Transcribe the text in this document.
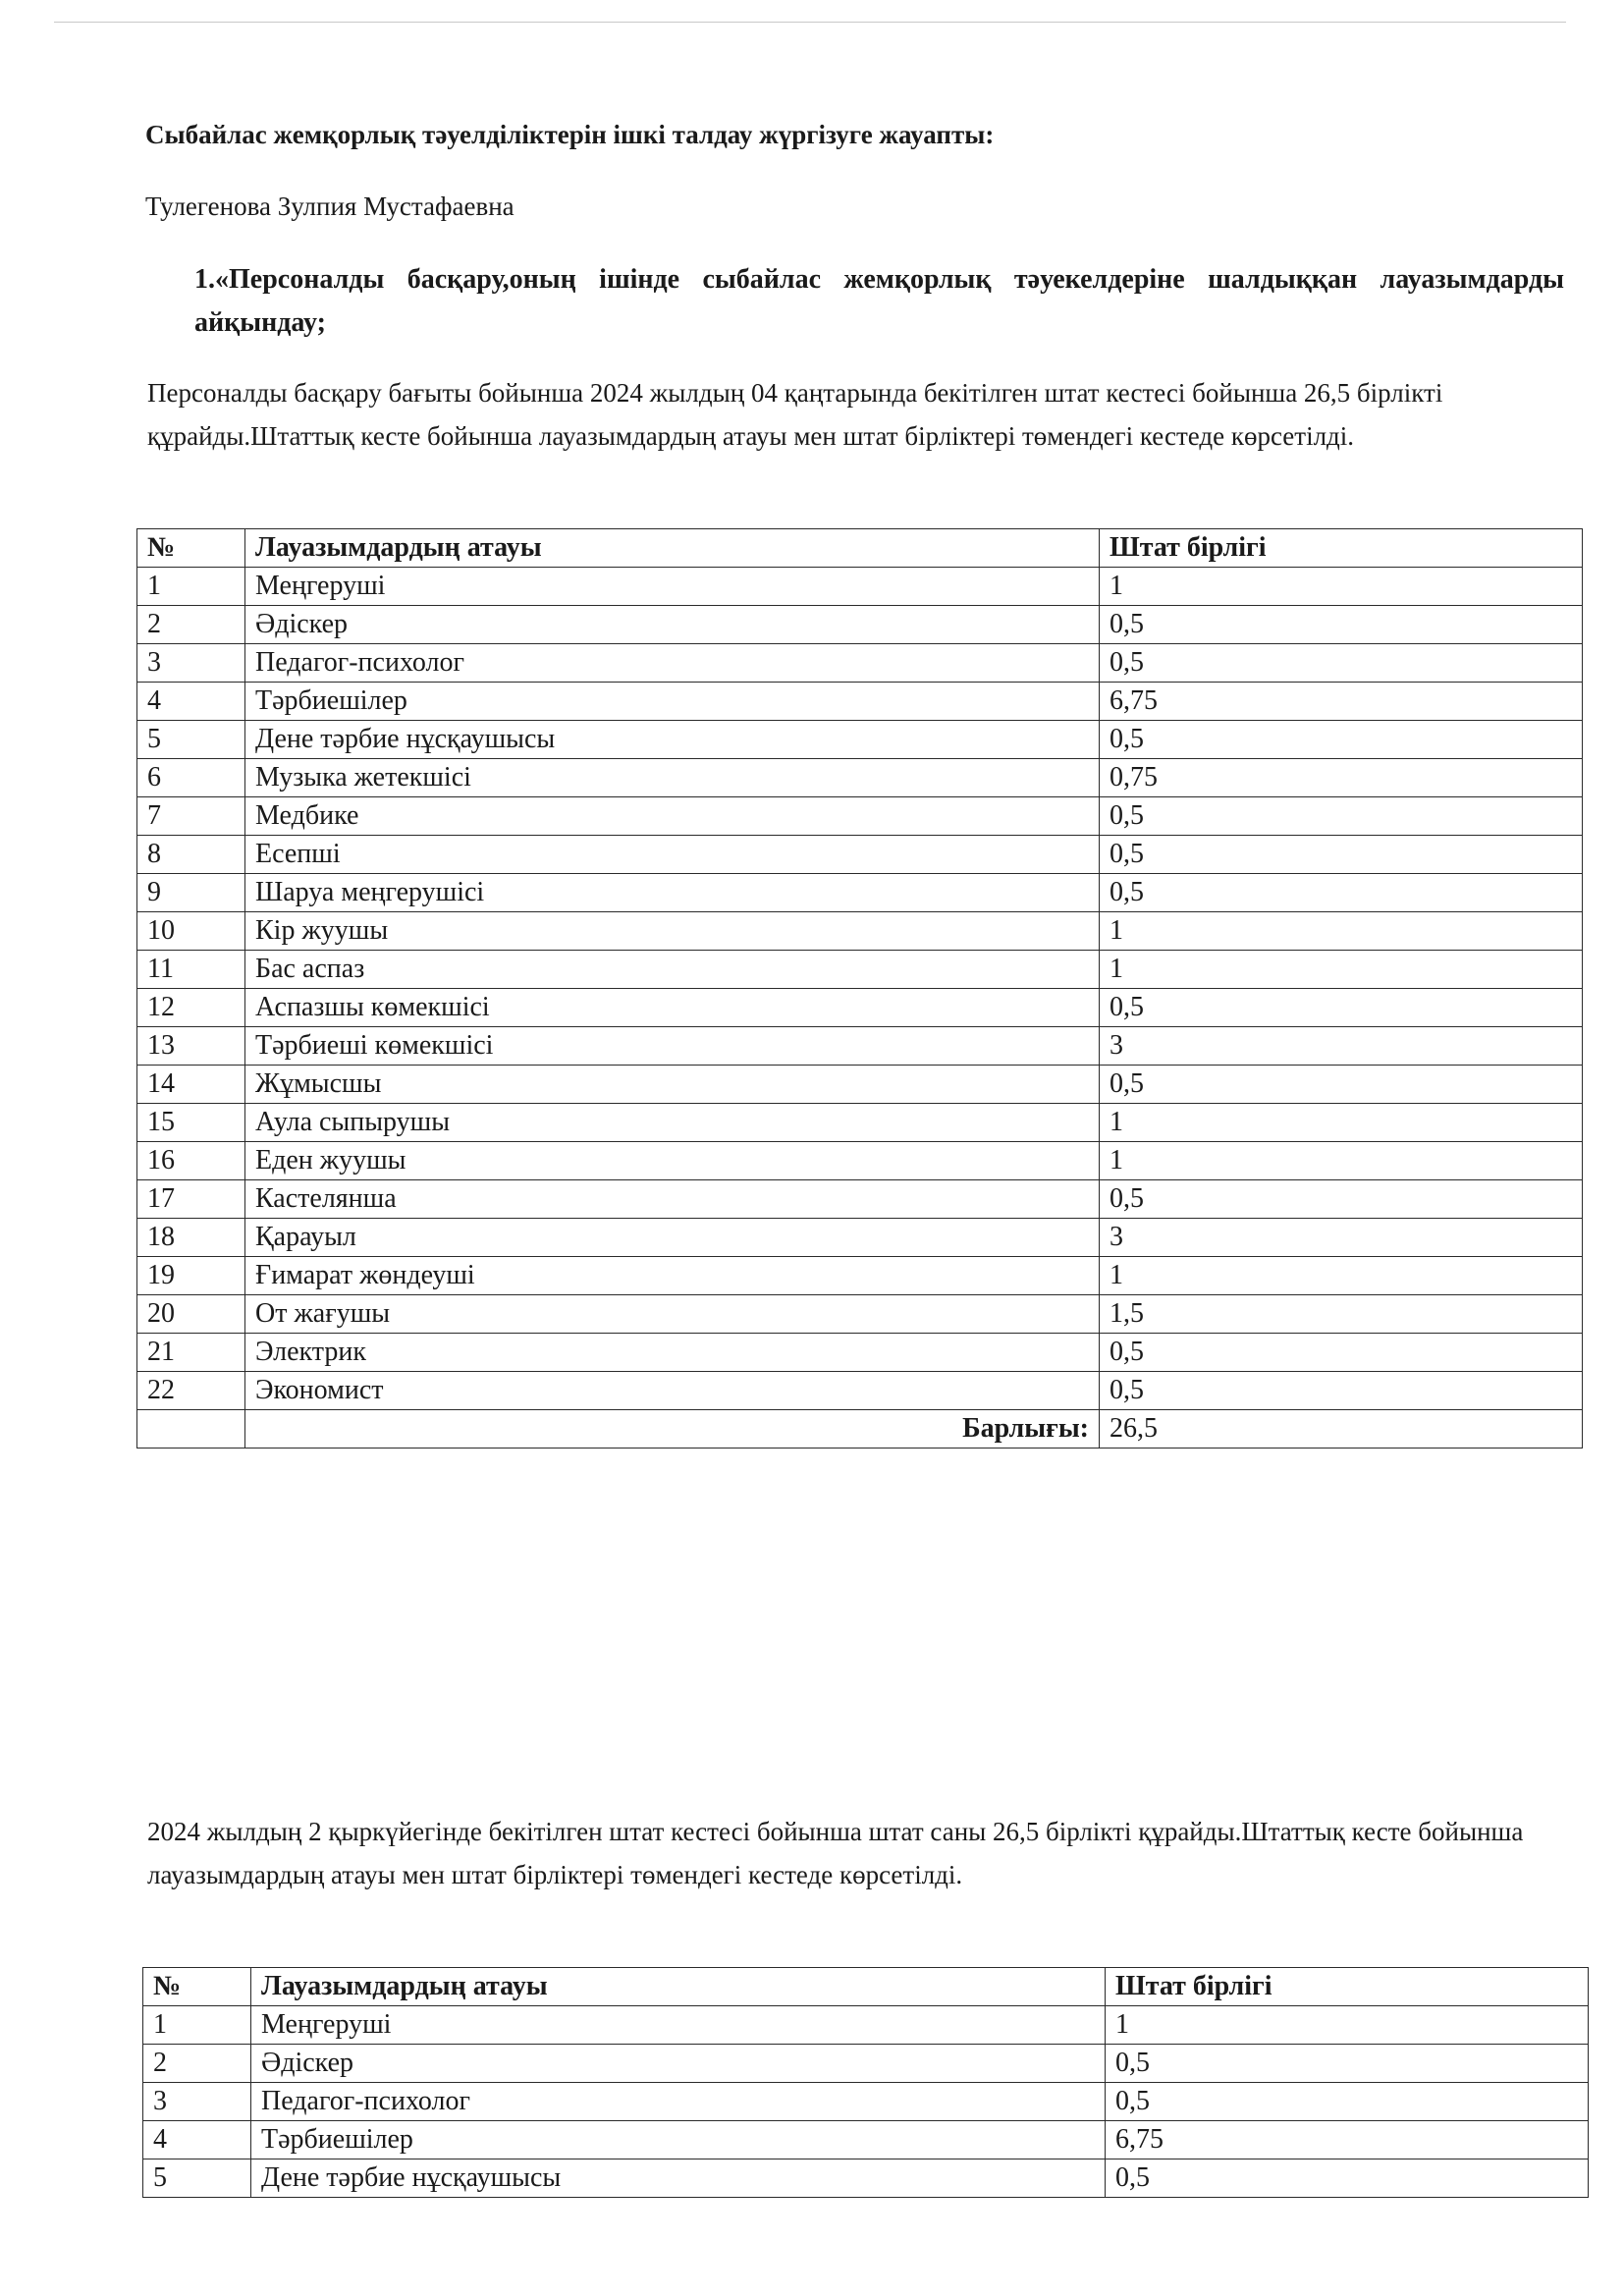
Сыбайлас жемқорлық тәуелділіктерін ішкі талдау жүргізуге жауапты:
Тулегенова Зулпия Мустафаевна
1.«Персоналды басқару,оның ішінде сыбайлас жемқорлық тәуекелдеріне шалдыққан лауазымдарды айқындау;
Персоналды басқару бағыты бойынша 2024 жылдың 04 қаңтарында бекітілген штат кестесі бойынша 26,5 бірлікті құрайды.Штаттық кесте бойынша лауазымдардың атауы мен штат бірліктері төмендегі кестеде көрсетілді.
№	Лауазымдардың атауы	Штат бірлігі
1	Меңгеруші	1
2	Әдіскер	0,5
3	Педагог-психолог	0,5
4	Тәрбиешілер	6,75
5	Дене тәрбие нұсқаушысы	0,5
6	Музыка жетекшісі	0,75
7	Медбике	0,5
8	Есепші	0,5
9	Шаруа меңгерушісі	0,5
10	Кір жуушы	1
11	Бас аспаз	1
12	Аспазшы көмекшісі	0,5
13	Тәрбиеші көмекшісі	3
14	Жұмысшы	0,5
15	Аула сыпырушы	1
16	Еден жуушы	1
17	Кастелянша	0,5
18	Қарауыл	3
19	Ғимарат жөндеуші	1
20	От жағушы	1,5
21	Электрик	0,5
22	Экономист	0,5
	Барлығы:	26,5
2024 жылдың 2 қыркүйегінде бекітілген штат кестесі бойынша штат саны 26,5 бірлікті құрайды.Штаттық кесте бойынша лауазымдардың атауы мен штат бірліктері төмендегі кестеде көрсетілді.
№	Лауазымдардың атауы	Штат бірлігі
1	Меңгеруші	1
2	Әдіскер	0,5
3	Педагог-психолог	0,5
4	Тәрбиешілер	6,75
5	Дене тәрбие нұсқаушысы	0,5
